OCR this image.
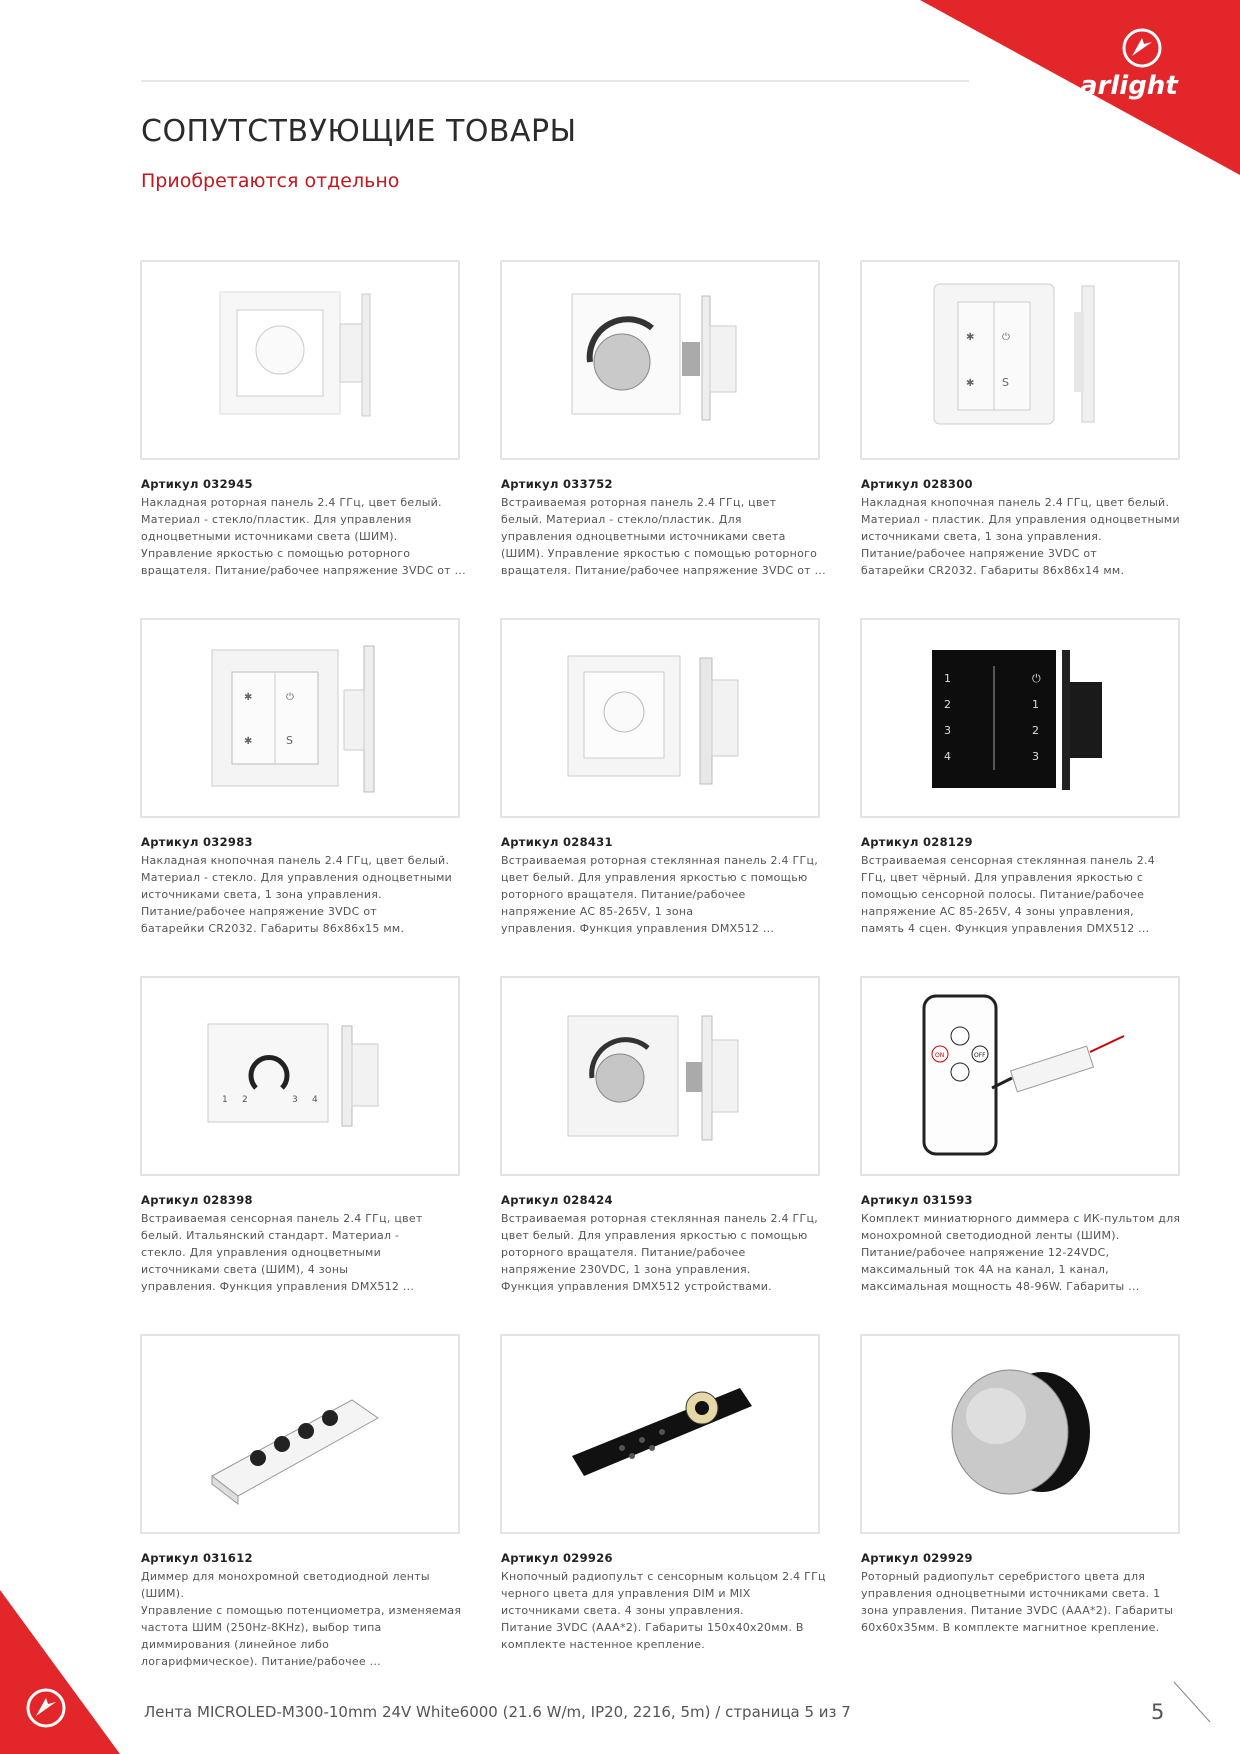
arlight
СОПУТСТВУЮЩИЕ ТОВАРЫ

Приобретаются отдельно

✱	⏻
✱	S
Артикул 032945
Накладная роторная панель 2.4 ГГц, цвет белый.
Материал - стекло/пластик. Для управления
одноцветными источниками света (ШИМ).
Управление яркостью с помощью роторного
вращателя. Питание/рабочее напряжение 3VDC от ...
Артикул 033752
Встраиваемая роторная панель 2.4 ГГц, цвет
белый. Материал - стекло/пластик. Для
управления одноцветными источниками света
(ШИМ). Управление яркостью с помощью роторного
вращателя. Питание/рабочее напряжение 3VDC от ...
Артикул 028300
Накладная кнопочная панель 2.4 ГГц, цвет белый.
Материал - пластик. Для управления одноцветными
источниками света, 1 зона управления.
Питание/рабочее напряжение 3VDC от
батарейки CR2032. Габариты 86x86x14 мм.
✱	⏻
✱	S
1
2
3
4
⏻
1
2
3
Артикул 032983
Накладная кнопочная панель 2.4 ГГц, цвет белый.
Материал - стекло. Для управления одноцветными
источниками света, 1 зона управления.
Питание/рабочее напряжение 3VDC от
батарейки CR2032. Габариты 86x86x15 мм.
Артикул 028431
Встраиваемая роторная стеклянная панель 2.4 ГГц,
цвет белый. Для управления яркостью с помощью
роторного вращателя. Питание/рабочее
напряжение AC 85-265V, 1 зона
управления. Функция управления DMX512 ...
Артикул 028129
Встраиваемая сенсорная стеклянная панель 2.4
ГГц, цвет чёрный. Для управления яркостью с
помощью сенсорной полосы. Питание/рабочее
напряжение AC 85-265V, 4 зоны управления,
память 4 сцен. Функция управления DMX512 ...
1 2	3 4
ON	OFF
Артикул 028398
Встраиваемая сенсорная панель 2.4 ГГц, цвет
белый. Итальянский стандарт. Материал -
стекло. Для управления одноцветными
источниками света (ШИМ), 4 зоны
управления. Функция управления DMX512 ...
Артикул 028424
Встраиваемая роторная стеклянная панель 2.4 ГГц,
цвет белый. Для управления яркостью с помощью
роторного вращателя. Питание/рабочее
напряжение 230VDC, 1 зона управления.
Функция управления DMX512 устройствами.
Артикул 031593
Комплект миниатюрного диммера с ИК-пультом для
монохромной светодиодной ленты (ШИМ).
Питание/рабочее напряжение 12-24VDC,
максимальный ток 4А на канал, 1 канал,
максимальная мощность 48-96W. Габариты ...
Артикул 031612
Диммер для монохромной светодиодной ленты (ШИМ).
Управление с помощью потенциометра, изменяемая
частота ШИМ (250Hz-8KHz), выбор типа
диммирования (линейное либо
логарифмическое). Питание/рабочее ...
Артикул 029926
Кнопочный радиопульт с сенсорным кольцом 2.4 ГГц
черного цвета для управления DIM и MIX
источниками света. 4 зоны управления.
Питание 3VDC (AAA*2). Габариты 150x40x20мм. В
комплекте настенное крепление.
Артикул 029929
Роторный радиопульт серебристого цвета для
управления одноцветными источниками света. 1
зона управления. Питание 3VDC (AAA*2). Габариты
60x60x35мм. В комплекте магнитное крепление.
Лента MICROLED-M300-10mm 24V White6000 (21.6 W/m, IP20, 2216, 5m) / страница 5 из 7	5
